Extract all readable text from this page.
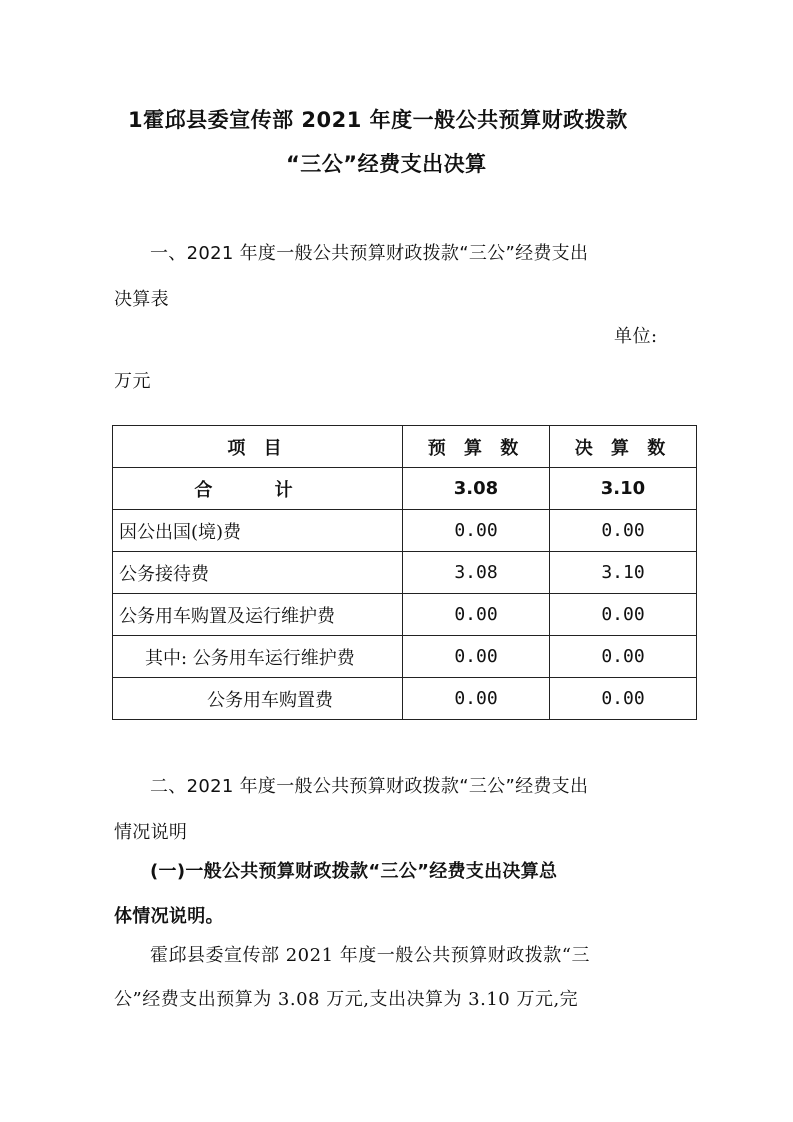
1霍邱县委宣传部 2021 年度一般公共预算财政拨款
“三公”经费支出决算
一、2021 年度一般公共预算财政拨款“三公”经费支出
决算表
单位:
万元
项 目	预 算 数	决 算 数
合 计	3.08	3.10
因公出国(境)费	0.00	0.00
公务接待费	3.08	3.10
公务用车购置及运行维护费	0.00	0.00
其中: 公务用车运行维护费	0.00	0.00
公务用车购置费	0.00	0.00
二、2021 年度一般公共预算财政拨款“三公”经费支出
情况说明
(一)一般公共预算财政拨款“三公”经费支出决算总
体情况说明。
霍邱县委宣传部 2021 年度一般公共预算财政拨款“三
公”经费支出预算为 3.08 万元,支出决算为 3.10 万元,完
